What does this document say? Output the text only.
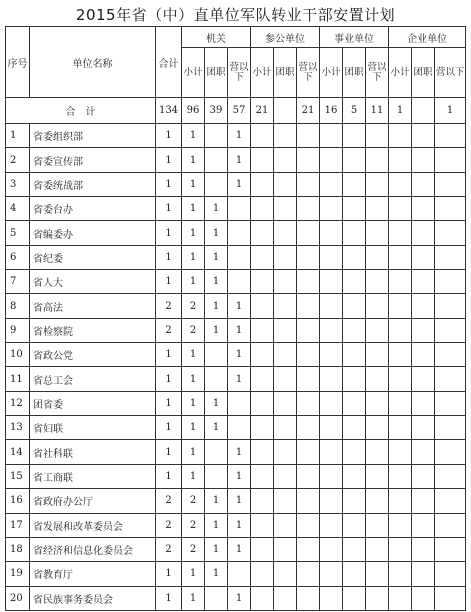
2015年省（中）直单位军队转业干部安置计划
序号	单位名称	合计	机关			参公单位			事业单位			企业单位		
			小计	团职	营以下	小计	团职	营以下	小计	团职	营以下	小计	团职	营以下
合　计		134	96	39	57	21		21	16	5	11	1		1
1	省委组织部	1	1		1									
2	省委宣传部	1	1		1									
3	省委统战部	1	1		1									
4	省委台办	1	1	1										
5	省编委办	1	1	1										
6	省纪委	1	1	1										
7	省人大	1	1	1										
8	省高法	2	2	1	1									
9	省检察院	2	2	1	1									
10	省政公党	1	1		1									
11	省总工会	1	1		1									
12	团省委	1	1	1										
13	省妇联	1	1	1										
14	省社科联	1	1		1									
15	省工商联	1	1		1									
16	省政府办公厅	2	2	1	1									
17	省发展和改革委员会	2	2	1	1									
18	省经济和信息化委员会	2	2	1	1									
19	省教育厅	1	1	1										
20	省民族事务委员会	1	1		1									
